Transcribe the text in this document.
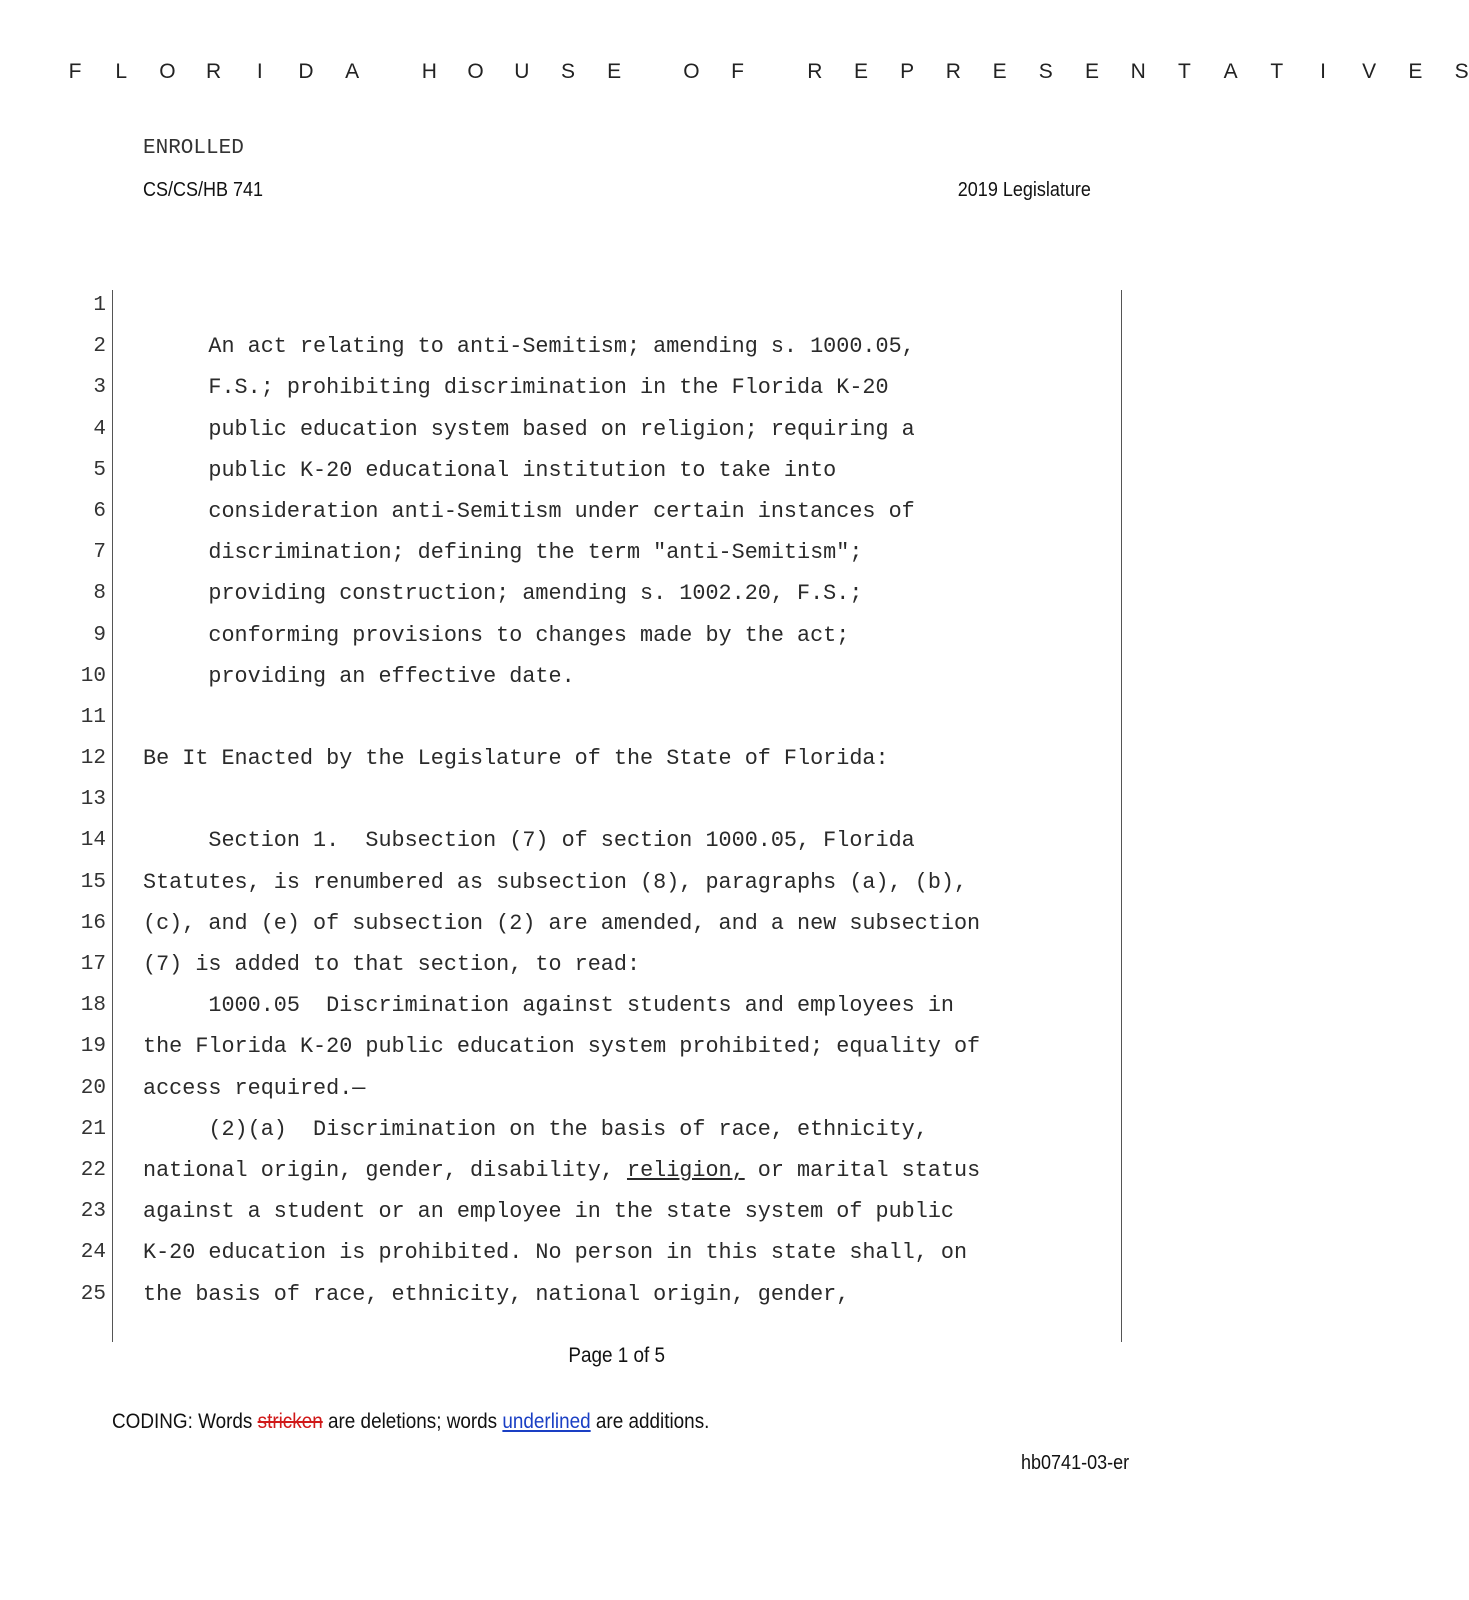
F L O R I D A	H O U S E	O F	R E P R E S E N T A T I V E S
ENROLLED
CS/CS/HB 741	2019 Legislature
1
2 An act relating to anti-Semitism; amending s. 1000.05,
3 F.S.; prohibiting discrimination in the Florida K-20
4 public education system based on religion; requiring a
5 public K-20 educational institution to take into
6 consideration anti-Semitism under certain instances of
7 discrimination; defining the term "anti-Semitism";
8 providing construction; amending s. 1002.20, F.S.;
9 conforming provisions to changes made by the act;
10 providing an effective date.
11
12 Be It Enacted by the Legislature of the State of Florida:
13
14 Section 1.  Subsection (7) of section 1000.05, Florida
15 Statutes, is renumbered as subsection (8), paragraphs (a), (b),
16 (c), and (e) of subsection (2) are amended, and a new subsection
17 (7) is added to that section, to read:
18 1000.05  Discrimination against students and employees in
19 the Florida K-20 public education system prohibited; equality of
20 access required.—
21 (2)(a)  Discrimination on the basis of race, ethnicity,
22 national origin, gender, disability, religion, or marital status
23 against a student or an employee in the state system of public
24 K-20 education is prohibited. No person in this state shall, on
25 the basis of race, ethnicity, national origin, gender,
Page 1 of 5
CODING: Words stricken are deletions; words underlined are additions.
hb0741-03-er
